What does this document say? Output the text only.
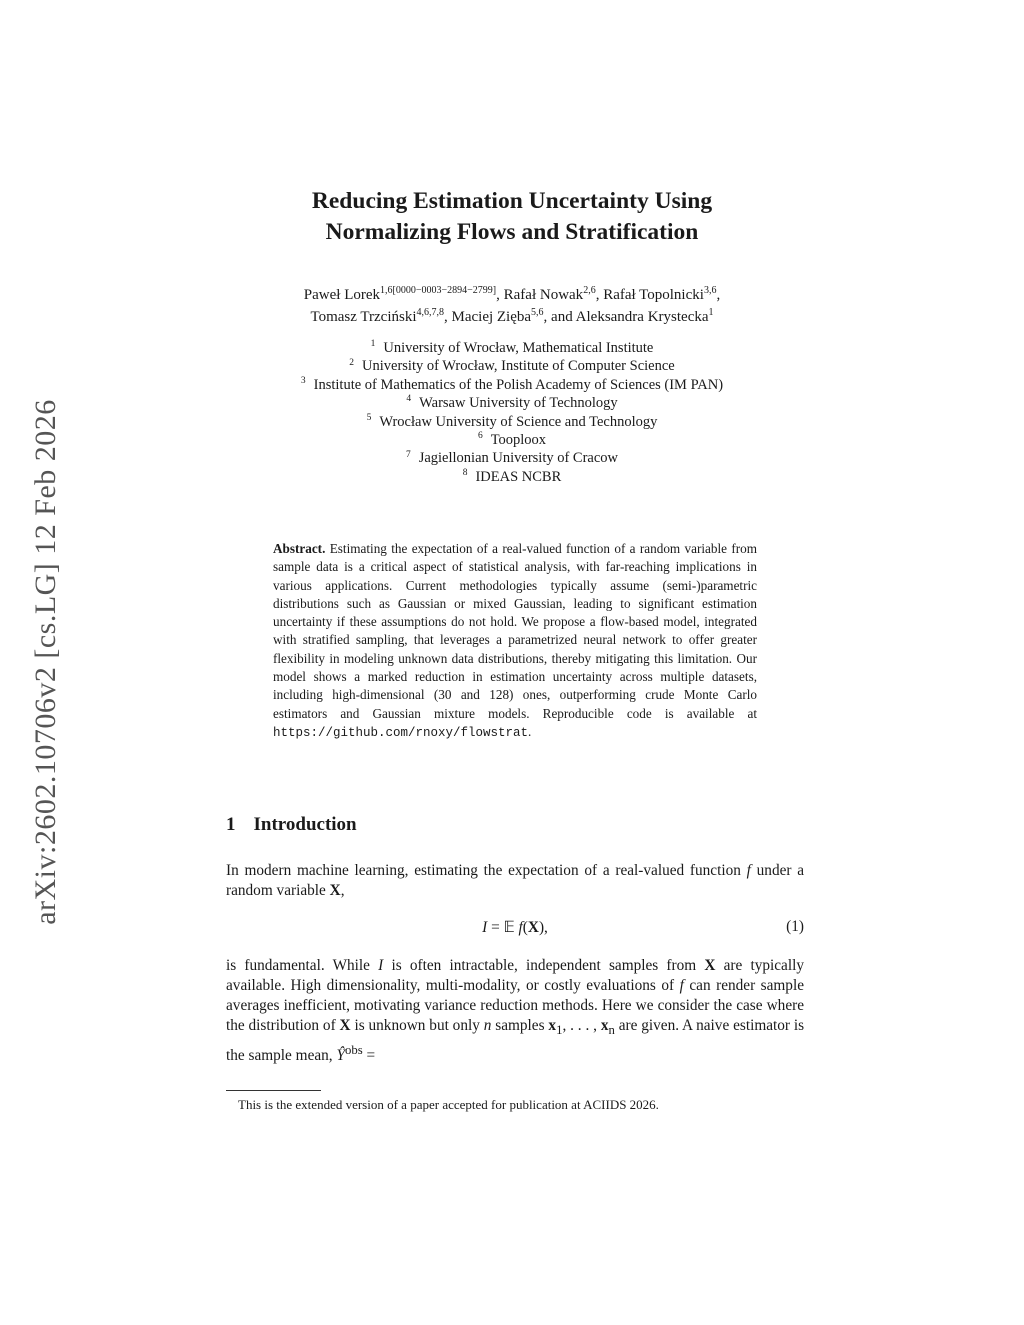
arXiv:2602.10706v2 [cs.LG] 12 Feb 2026
Reducing Estimation Uncertainty Using
Normalizing Flows and Stratification
Paweł Lorek$^{1,6[0000-0003-2894-2799]}$, Rafał Nowak$^{2,6}$, Rafał Topolnicki$^{3,6}$,
Tomasz Trzciński$^{4,6,7,8}$, Maciej Zięba$^{5,6}$, and Aleksandra Krystecka$^1$
$^1$ University of Wrocław, Mathematical Institute
$^2$ University of Wrocław, Institute of Computer Science
$^3$ Institute of Mathematics of the Polish Academy of Sciences (IM PAN)
$^4$ Warsaw University of Technology
$^5$ Wrocław University of Science and Technology
$^6$ Tooploox
$^7$ Jagiellonian University of Cracow
$^8$ IDEAS NCBR
Abstract. Estimating the expectation of a real-valued function of a random variable from sample data is a critical aspect of statistical analysis, with far-reaching implications in various applications. Current methodologies typically assume (semi-)parametric distributions such as Gaussian or mixed Gaussian, leading to significant estimation uncertainty if these assumptions do not hold. We propose a flow-based model, integrated with stratified sampling, that leverages a parametrized neural network to offer greater flexibility in modeling unknown data distributions, thereby mitigating this limitation. Our model shows a marked reduction in estimation uncertainty across multiple datasets, including high-dimensional (30 and 128) ones, outperforming crude Monte Carlo estimators and Gaussian mixture models. Reproducible code is available at https://github.com/rnoxy/flowstrat.
1 Introduction
In modern machine learning, estimating the expectation of a real-valued function f under a random variable X,
I = 𝔼 f(X),	(1)
is fundamental. While I is often intractable, independent samples from X are typically available. High dimensionality, multi-modality, or costly evaluations of f can render sample averages inefficient, motivating variance reduction methods. Here we consider the case where the distribution of X is unknown but only n samples $x_1$, . . . , $x_n$ are given. A naive estimator is the sample mean, $Ŷ^{obs}$ =
This is the extended version of a paper accepted for publication at ACIIDS 2026.
